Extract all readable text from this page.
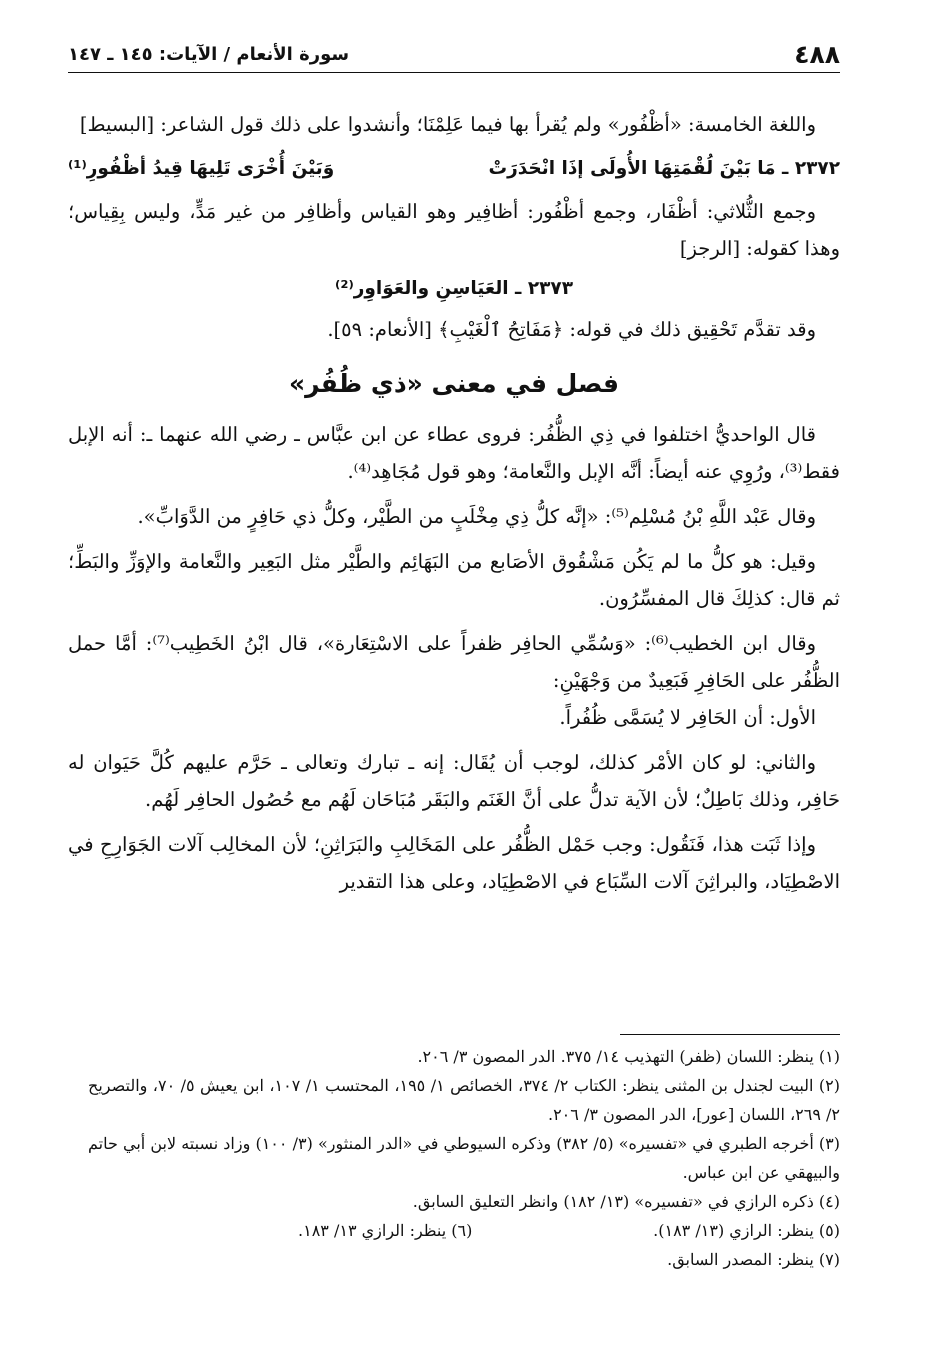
٤٨٨
سورة الأنعام / الآيات: ١٤٥ ـ ١٤٧

واللغة الخامسة: «أظْفُور» ولم يُقرأ بها فيما عَلِمْنَا؛ وأنشدوا على ذلك قول الشاعر: [البسيط]

٢٣٧٢ ـ مَا بَيْنَ لُقْمَتِهَا الأُولَى إذَا انْحَدَرَتْ
وَبَيْنَ أُخْرَى تَلِيهَا قِيدُ أظْفُورِ⁽¹⁾

وجمع الثُّلاثي: أظْفَار، وجمع أظْفُور: أظافِير وهو القياس وأظافِر من غير مَدٍّ، وليس بِقِياس؛ وهذا كقوله: [الرجز]

٢٣٧٣ ـ العَيَاسِنِ والعَوَاوِر⁽²⁾

وقد تقدَّم تَحْقِيق ذلك في قوله: ﴿مَفَاتِحُ ٱلْغَيْبِ﴾ [الأنعام: ٥٩].

فصل في معنى «ذي ظُفُر»

قال الواحديُّ اختلفوا في ذِي الظُّفُر: فروى عطاء عن ابن عبَّاس ـ رضي الله عنهما ـ: أنه الإبل فقط⁽³⁾، ورُوِي عنه أيضاً: أنَّه الإبل والنَّعامة؛ وهو قول مُجَاهِد⁽⁴⁾.

وقال عَبْد اللَّهِ بْنُ مُسْلِم⁽⁵⁾: «إنَّه كلُّ ذِي مِخْلَبٍ من الطَّيْر، وكلُّ ذي حَافِرٍ من الدَّوَابِّ».

وقيل: هو كلُّ ما لم يَكُن مَشْقُوق الأصَابع من البَهَائِم والطَّيْر مثل البَعِير والنَّعامة والإوَزِّ والبَطِّ؛ ثم قال: كذلِكَ قال المفسِّرُون.

وقال ابن الخطيب⁽⁶⁾: «وَسُمِّي الحافِر ظفراً على الاسْتِعَارة»، قال ابْنُ الخَطِيب⁽⁷⁾: أمَّا حمل الظُّفُر على الحَافِرِ فَبَعِيدٌ من وَجْهَيْنِ:

الأول: أن الحَافِر لا يُسَمَّى ظُفُراً.

والثاني: لو كان الأمْر كذلك، لوجب أن يُقَال: إنه ـ تبارك وتعالى ـ حَرَّم عليهم كُلَّ حَيَوان له حَافِر، وذلك بَاطِلٌ؛ لأن الآية تدلُّ على أنَّ الغَنَم والبَقَر مُبَاحَان لَهُم مع حُصُول الحافِر لَهُم.

وإذا ثَبَت هذا، فَنَقُول: وجب حَمْل الظُّفُر على المَخَالِبِ والبَرَاثِنِ؛ لأن المخالِب آلات الجَوَارِحِ في الاصْطِيَاد، والبراثِنَ آلات السِّبَاع في الاصْطِيَاد، وعلى هذا التقدير

(١) ينظر: اللسان (ظفر) التهذيب ١٤/ ٣٧٥. الدر المصون ٣/ ٢٠٦.

(٢) البيت لجندل بن المثنى ينظر: الكتاب ٢/ ٣٧٤، الخصائص ١/ ١٩٥، المحتسب ١/ ١٠٧، ابن يعيش ٥/ ٧٠، والتصريح ٢/ ٢٦٩، اللسان [عور]، الدر المصون ٣/ ٢٠٦.

(٣) أخرجه الطبري في «تفسيره» (٥/ ٣٨٢) وذكره السيوطي في «الدر المنثور» (٣/ ١٠٠) وزاد نسبته لابن أبي حاتم والبيهقي عن ابن عباس.

(٤) ذكره الرازي في «تفسيره» (١٣/ ١٨٢) وانظر التعليق السابق.

(٥) ينظر: الرازي (١٣/ ١٨٣).
(٦) ينظر: الرازي ١٣/ ١٨٣.

(٧) ينظر: المصدر السابق.
